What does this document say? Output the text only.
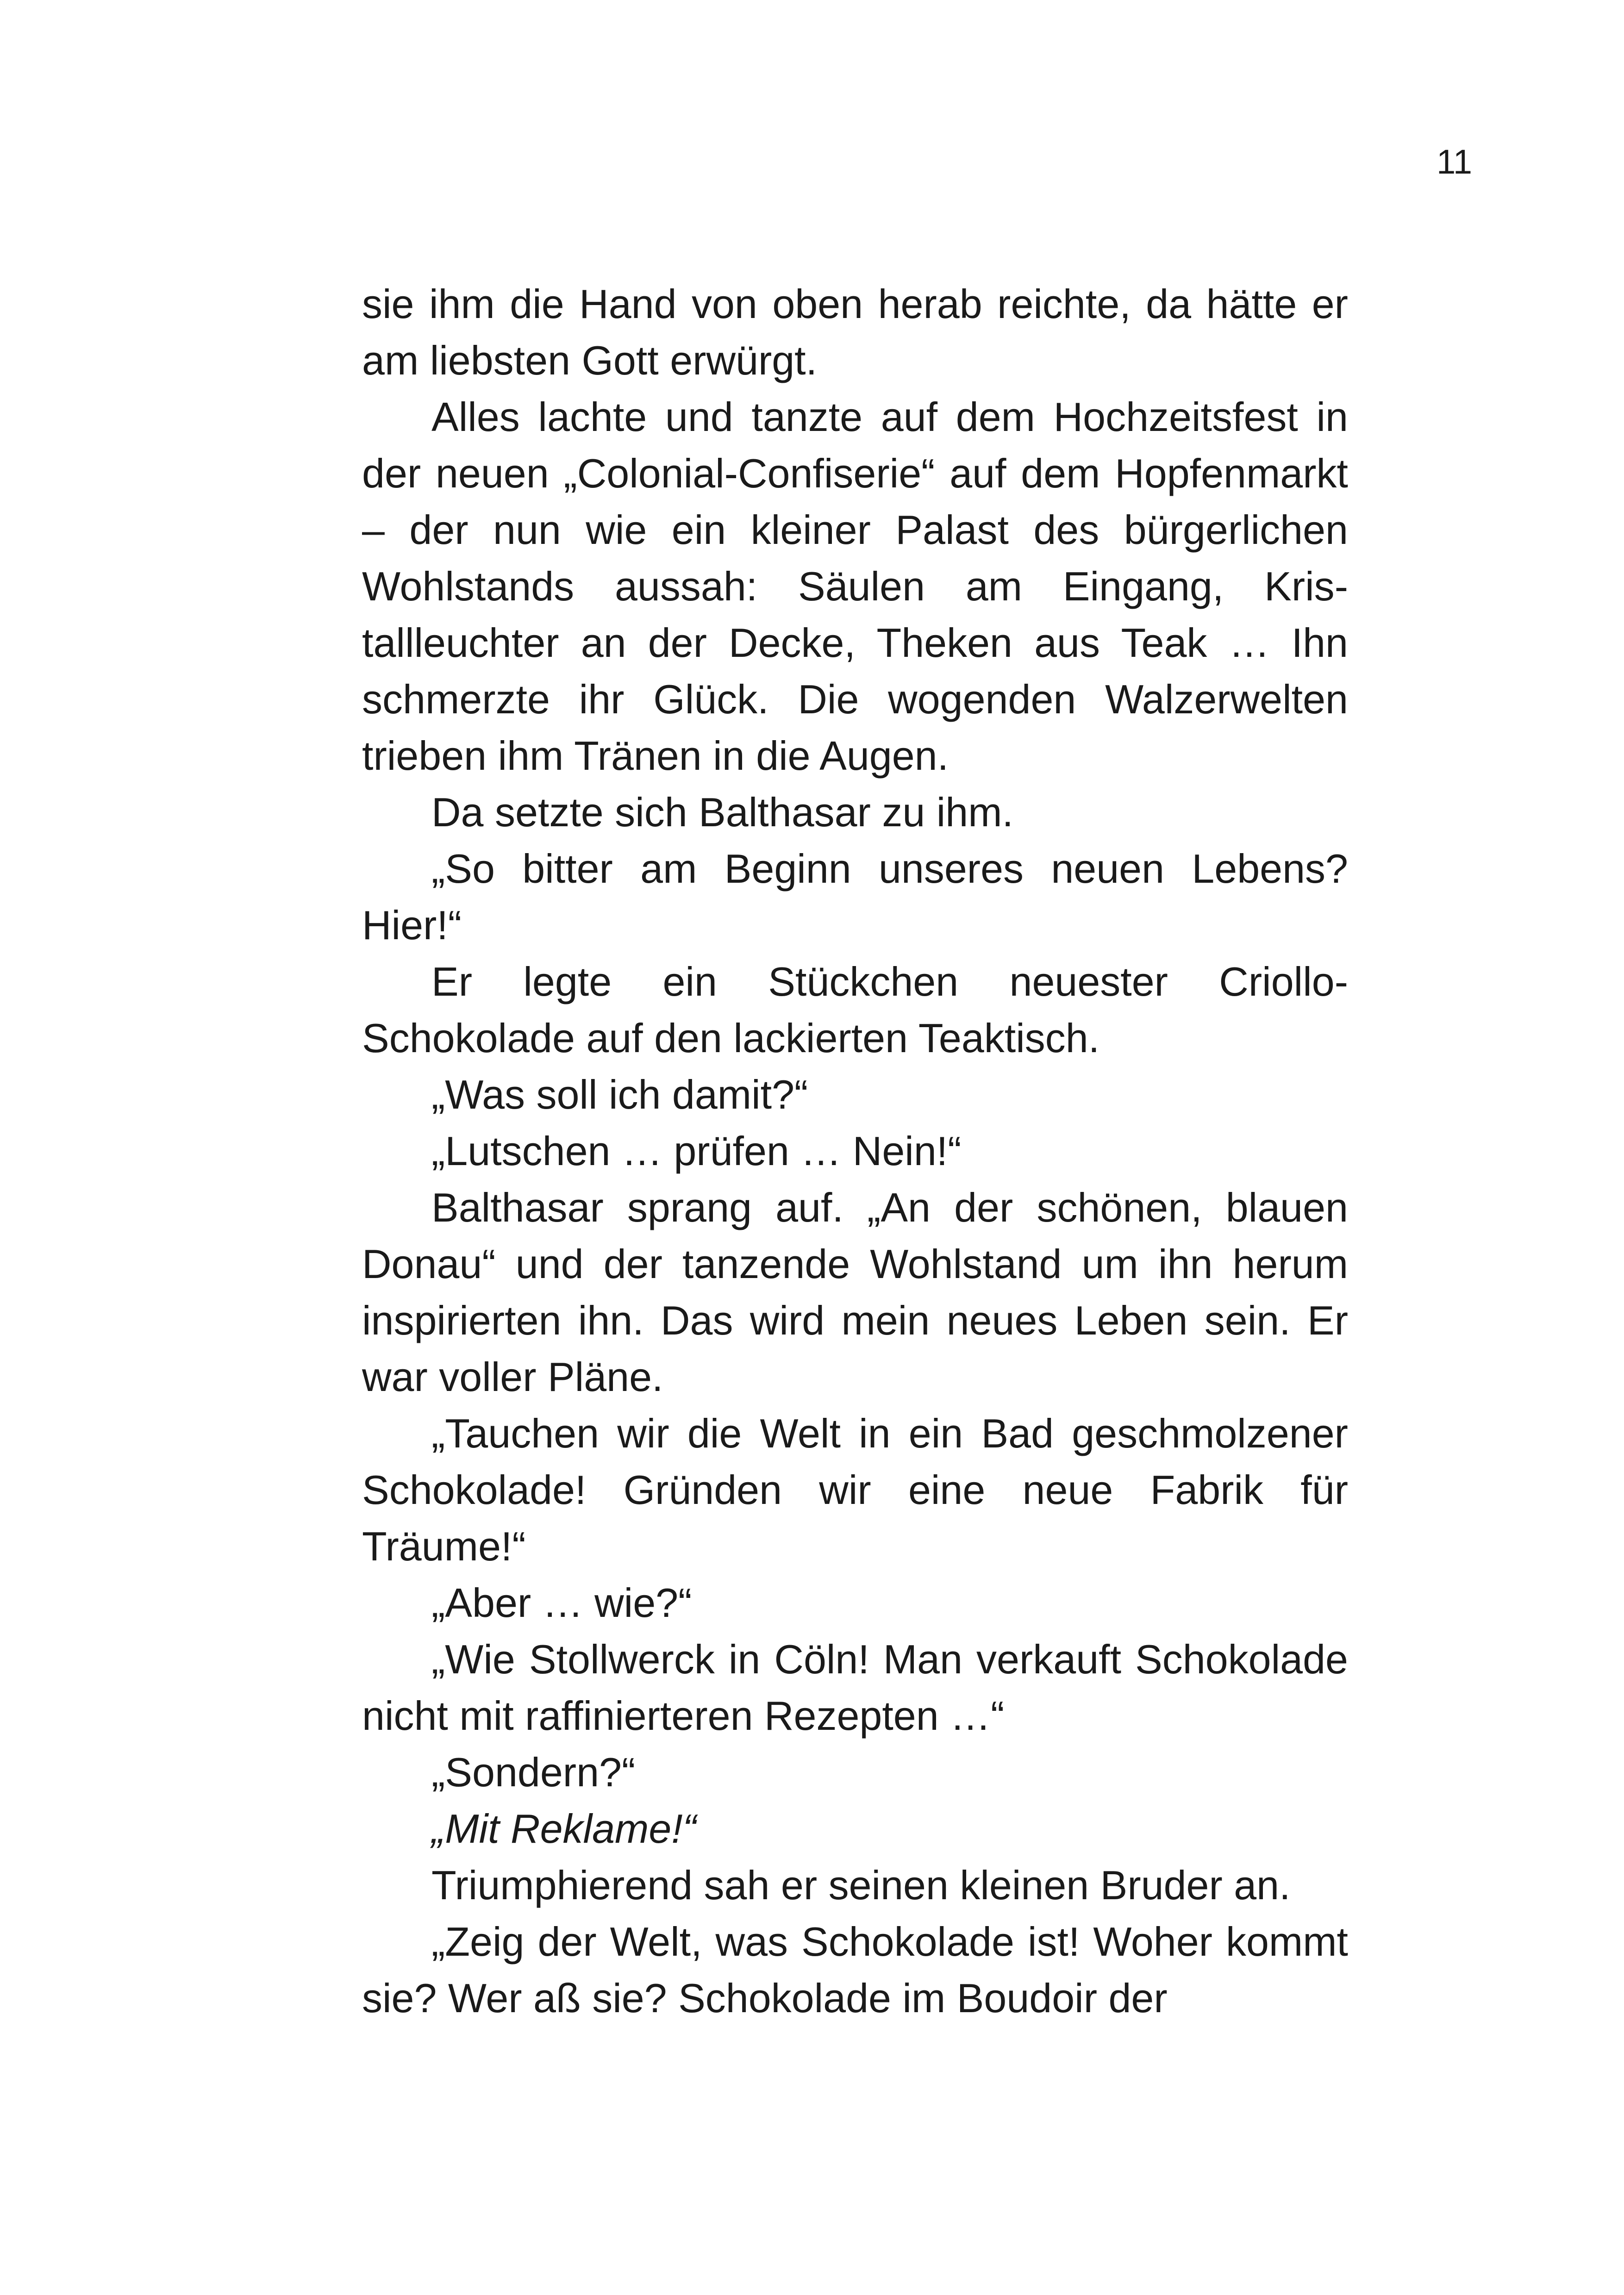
11

sie ihm die Hand von oben herab reichte, da hätte er am liebsten Gott erwürgt.

Alles lachte und tanzte auf dem Hochzeitsfest in der neuen „Colonial-Confiserie“ auf dem Hopfenmarkt – der nun wie ein kleiner Palast des bürgerlichen Wohlstands aussah: Säulen am Eingang, Kristallleuchter an der Decke, Theken aus Teak … Ihn schmerzte ihr Glück. Die wogenden Walzerwelten trieben ihm Tränen in die Augen.

Da setzte sich Balthasar zu ihm.

„So bitter am Beginn unseres neuen Lebens? Hier!“

Er legte ein Stückchen neuester Criollo-Schokolade auf den lackierten Teaktisch.

„Was soll ich damit?“

„Lutschen … prüfen … Nein!“

Balthasar sprang auf. „An der schönen, blauen Donau“ und der tanzende Wohlstand um ihn herum inspirierten ihn. Das wird mein neues Leben sein. Er war voller Pläne.

„Tauchen wir die Welt in ein Bad geschmolzener Schokolade! Gründen wir eine neue Fabrik für Träume!“

„Aber … wie?“

„Wie Stollwerck in Cöln! Man verkauft Schokolade nicht mit raffinierteren Rezepten …“

„Sondern?“

„Mit Reklame!“

Triumphierend sah er seinen kleinen Bruder an.

„Zeig der Welt, was Schokolade ist! Woher kommt sie? Wer aß sie? Schokolade im Boudoir der
